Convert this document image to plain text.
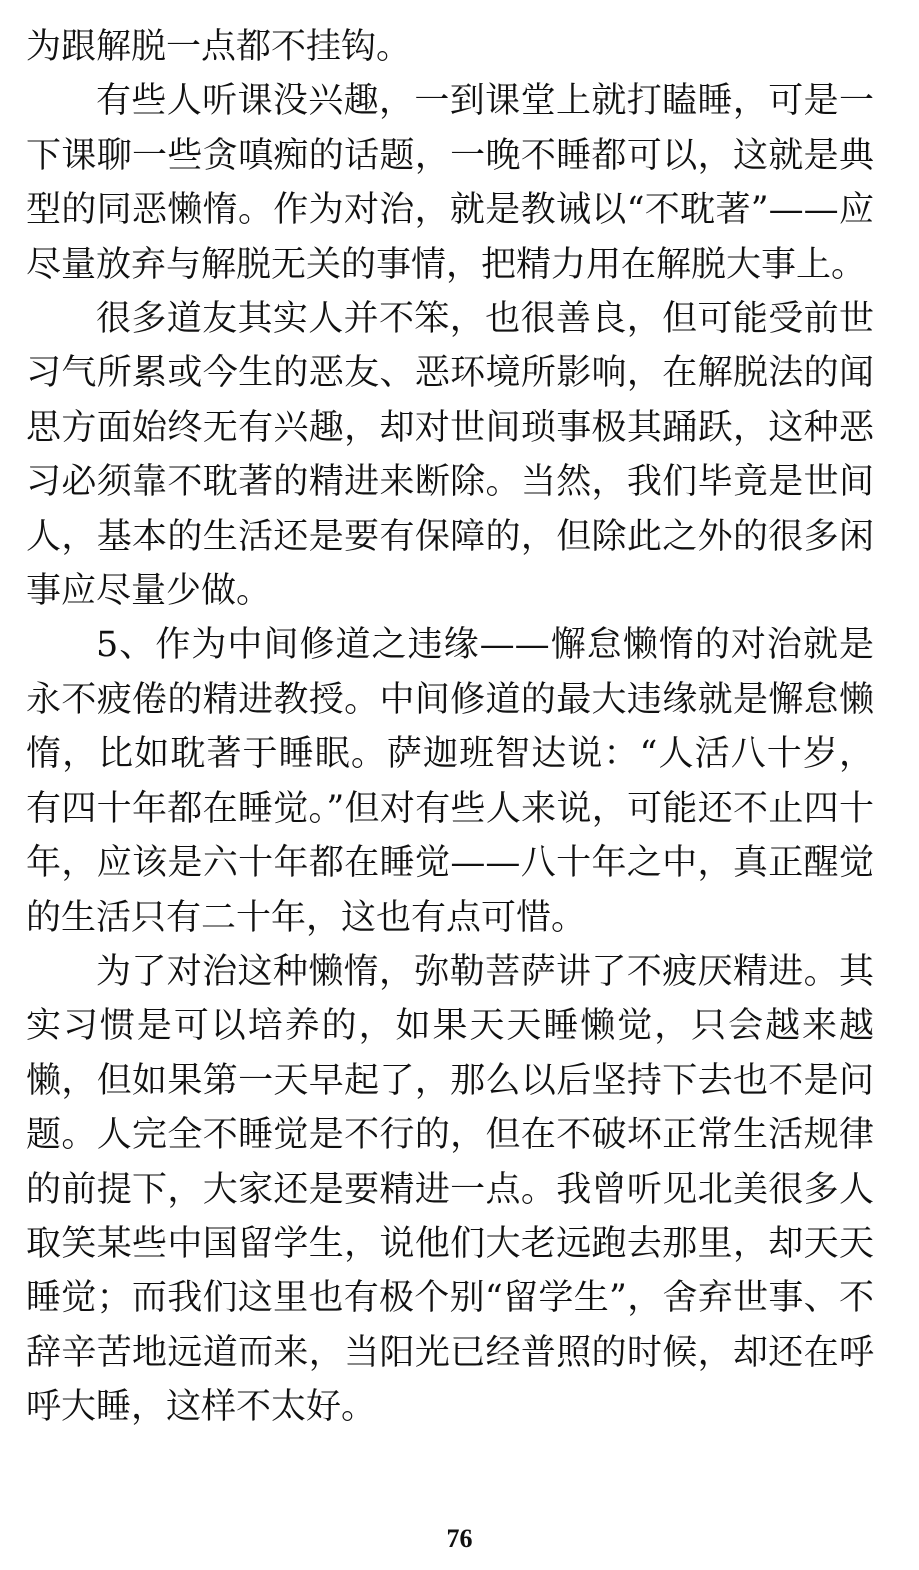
为跟解脱一点都不挂钩。

有些人听课没兴趣，一到课堂上就打瞌睡，可是一下课聊一些贪嗔痴的话题，一晚不睡都可以，这就是典型的同恶懒惰。作为对治，就是教诫以“不耽著”——应尽量放弃与解脱无关的事情，把精力用在解脱大事上。

很多道友其实人并不笨，也很善良，但可能受前世习气所累或今生的恶友、恶环境所影响，在解脱法的闻思方面始终无有兴趣，却对世间琐事极其踊跃，这种恶习必须靠不耽著的精进来断除。当然，我们毕竟是世间人，基本的生活还是要有保障的，但除此之外的很多闲事应尽量少做。

5、作为中间修道之违缘——懈怠懒惰的对治就是永不疲倦的精进教授。中间修道的最大违缘就是懈怠懒惰，比如耽著于睡眠。萨迦班智达说：“人活八十岁，有四十年都在睡觉。”但对有些人来说，可能还不止四十年，应该是六十年都在睡觉——八十年之中，真正醒觉的生活只有二十年，这也有点可惜。

为了对治这种懒惰，弥勒菩萨讲了不疲厌精进。其实习惯是可以培养的，如果天天睡懒觉，只会越来越懒，但如果第一天早起了，那么以后坚持下去也不是问题。人完全不睡觉是不行的，但在不破坏正常生活规律的前提下，大家还是要精进一点。我曾听见北美很多人取笑某些中国留学生，说他们大老远跑去那里，却天天睡觉；而我们这里也有极个别“留学生”，舍弃世事、不辞辛苦地远道而来，当阳光已经普照的时候，却还在呼呼大睡，这样不太好。

76
